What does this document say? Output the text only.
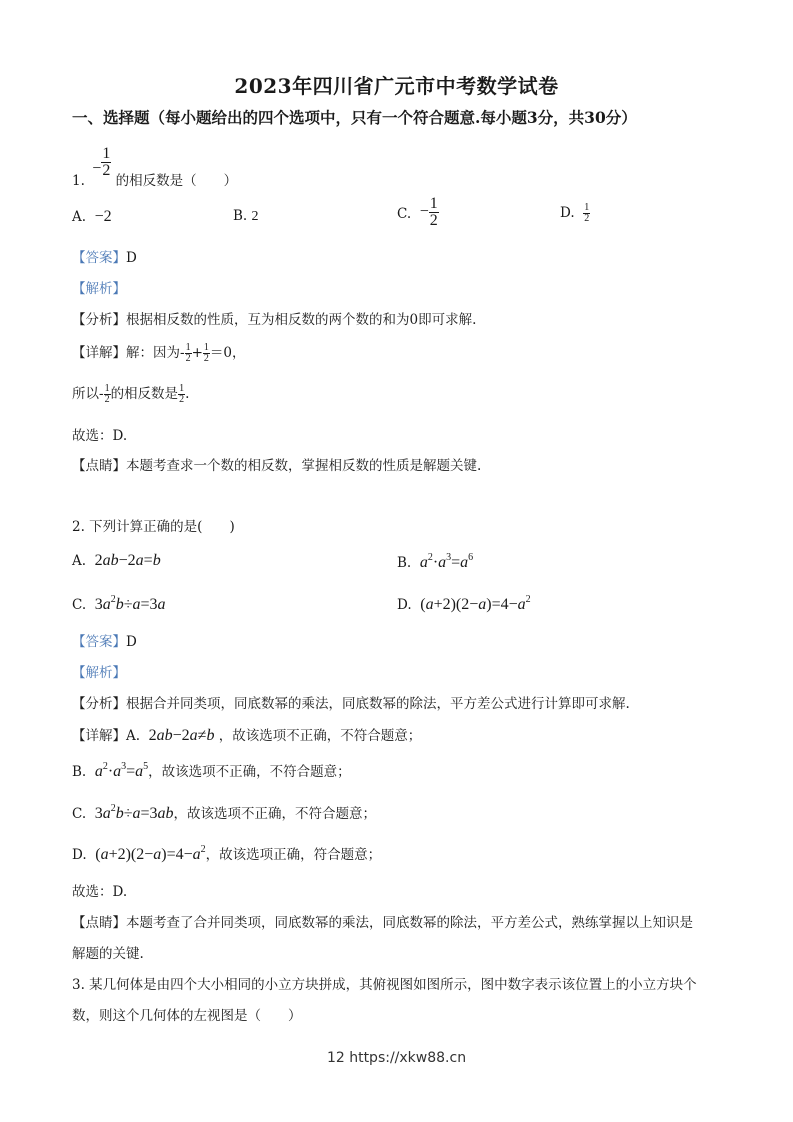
2023年四川省广元市中考数学试卷
一、选择题（每小题给出的四个选项中，只有一个符合题意.每小题3分，共30分）
1. − $\frac{1}{2}$
的相反数是（　　）
A. −2	B. 2	C. − $\frac{1}{2}$	D. $\frac{1}{2}$
【答案】D
【解析】
【分析】根据相反数的性质，互为相反数的两个数的和为0即可求解.
【详解】解：因为- $\frac{1}{2} + \frac{1}{2} =0$，
所以- $\frac{1}{2}$ 的相反数是 $\frac{1}{2}$ .
故选：D.
【点睛】本题考查求一个数的相反数，掌握相反数的性质是解题关键.
2. 下列计算正确的是(　　)
A. 2ab−2a=b	B. $a^2\cdot a^3=a^6$
C. $3a^2b\div a=3a$	D. $(a+2)(2-a)=4-a^2$
【答案】D
【解析】
【分析】根据合并同类项，同底数幂的乘法，同底数幂的除法，平方差公式进行计算即可求解.
【详解】A. 2ab−2a≠b ，故该选项不正确，不符合题意；
B. $a^2\cdot a^3=a^5$，故该选项不正确，不符合题意；
C. $3a^2b\div a=3ab$，故该选项不正确，不符合题意；
D. $(a+2)(2-a)=4-a^2$，故该选项正确，符合题意；
故选：D.
【点睛】本题考查了合并同类项，同底数幂的乘法，同底数幂的除法，平方差公式，熟练掌握以上知识是
解题的关键.
3. 某几何体是由四个大小相同的小立方块拼成，其俯视图如图所示，图中数字表示该位置上的小立方块个
数，则这个几何体的左视图是（　　）
12 https://xkw88.cn
